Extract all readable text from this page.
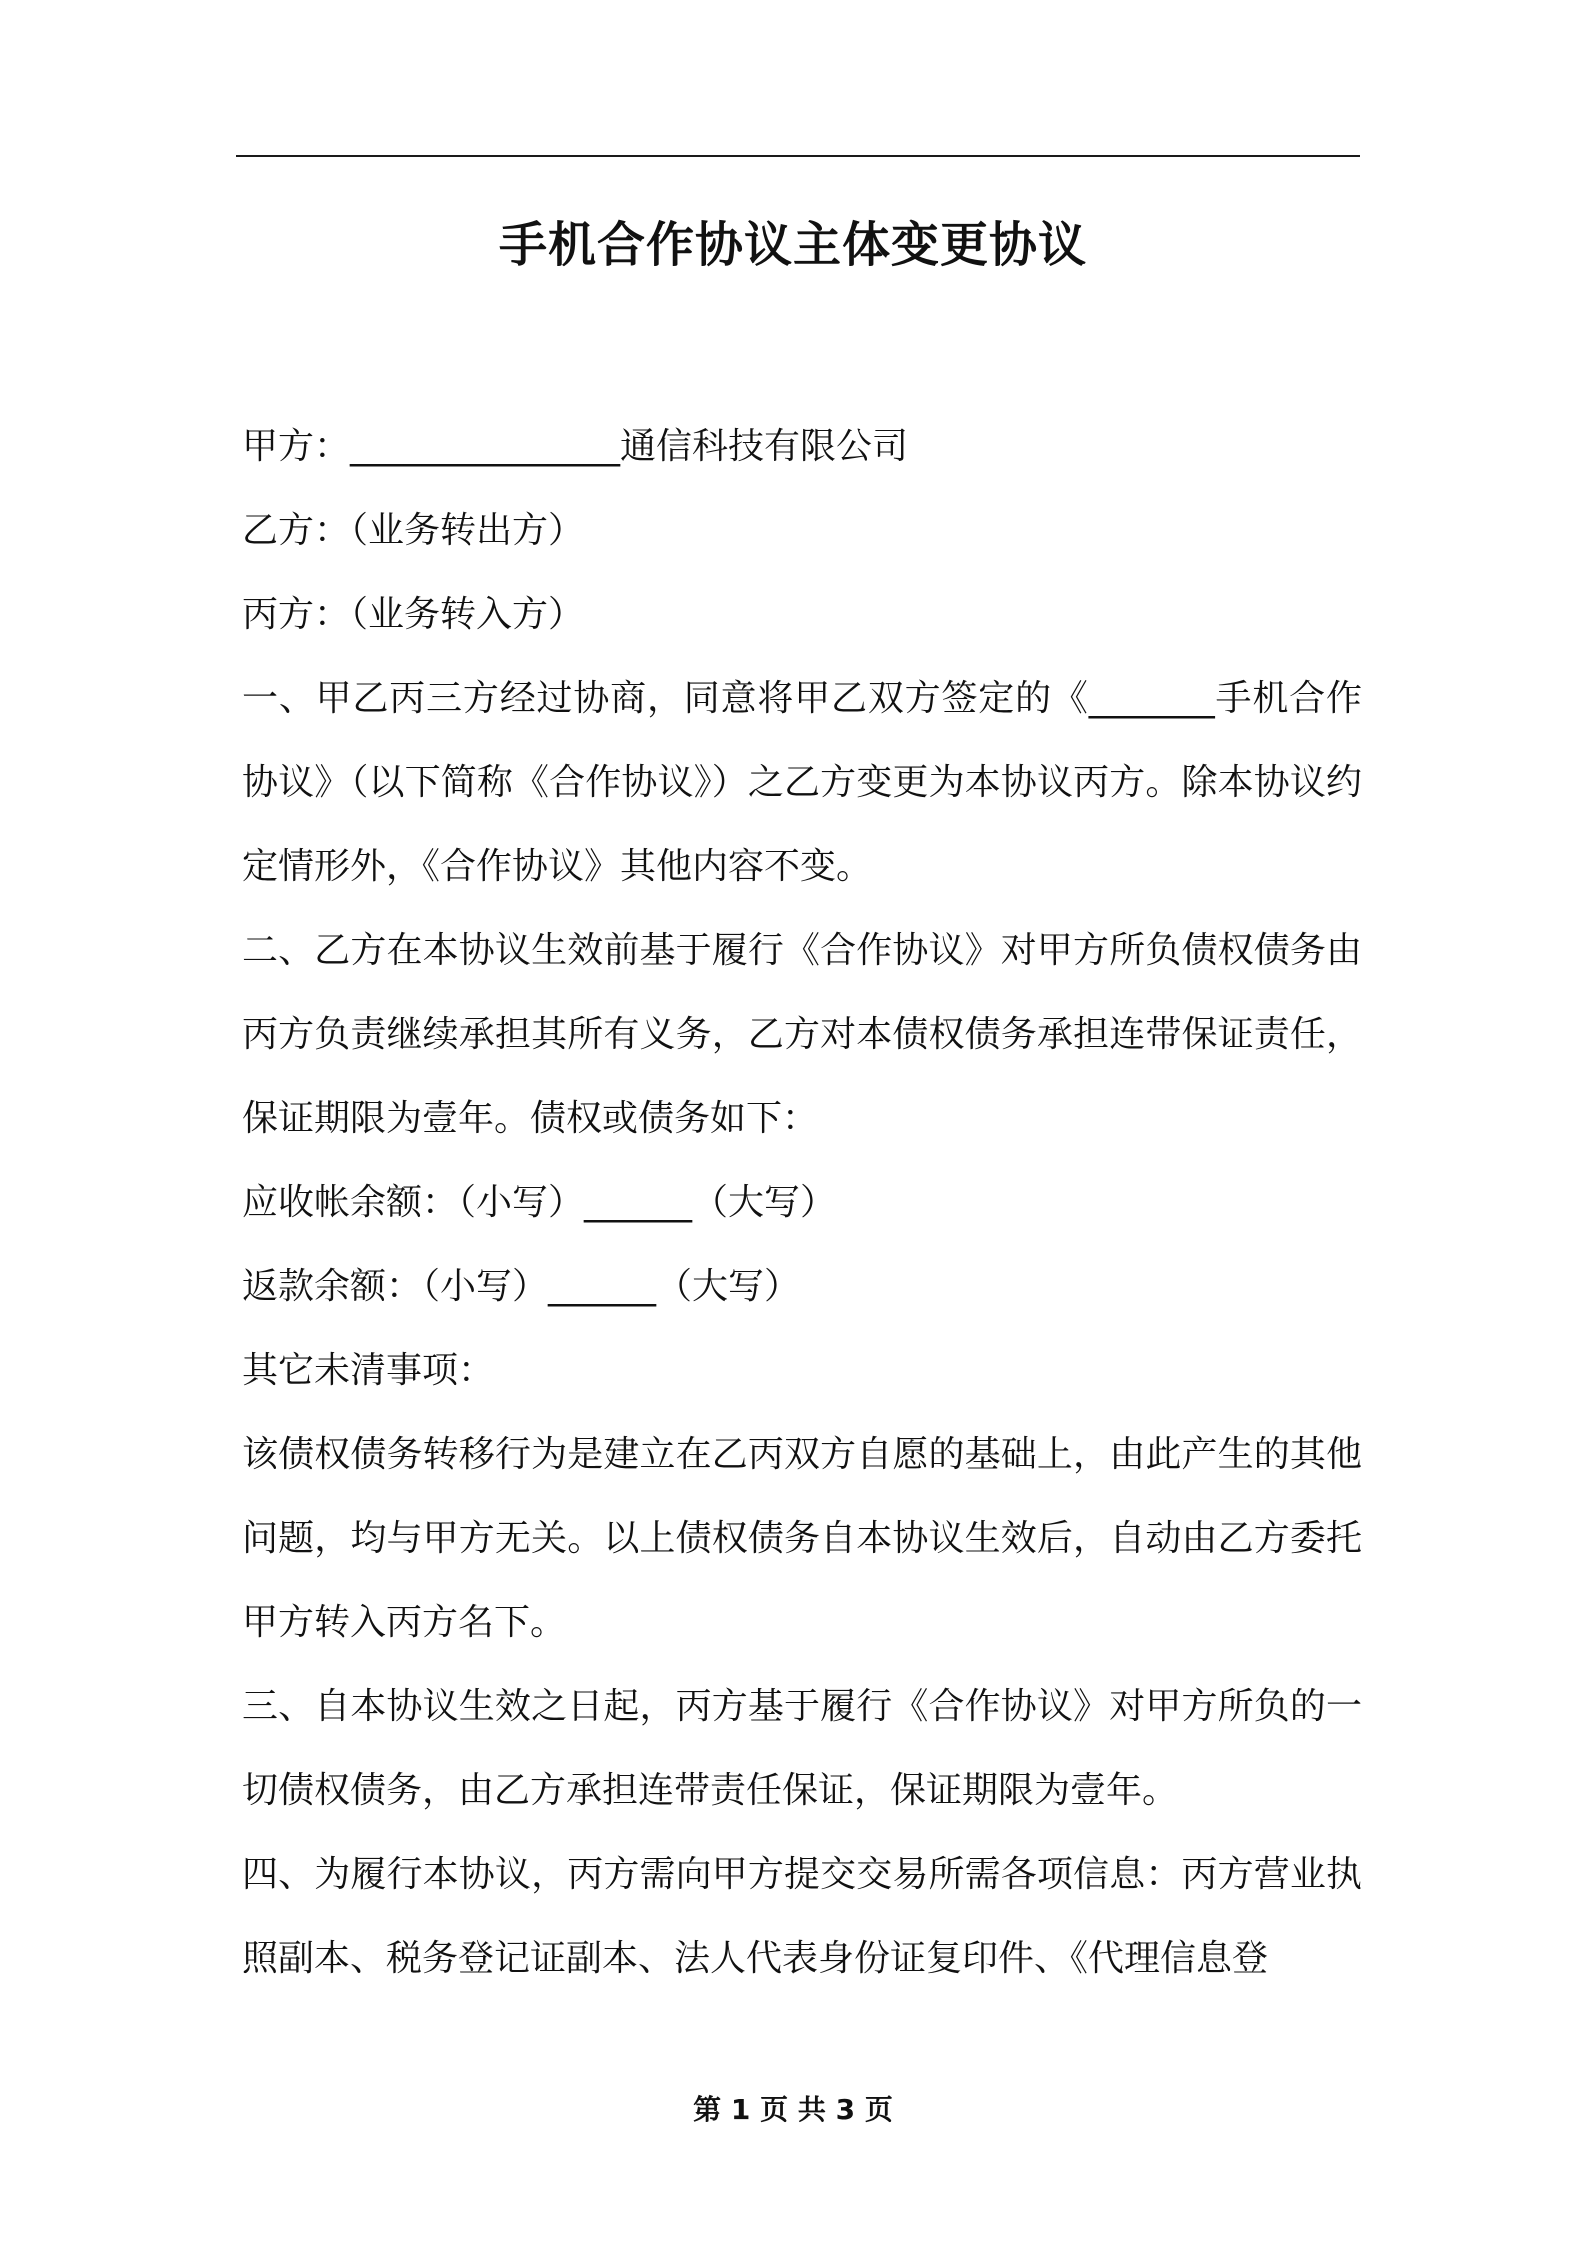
手机合作协议主体变更协议

甲方：_______________通信科技有限公司

乙方：（业务转出方）

丙方：（业务转入方）

一、甲乙丙三方经过协商，同意将甲乙双方签定的《_______手机合作协议》（以下简称《合作协议》）之乙方变更为本协议丙方。除本协议约定情形外，《合作协议》其他内容不变。

二、乙方在本协议生效前基于履行《合作协议》对甲方所负债权债务由丙方负责继续承担其所有义务，乙方对本债权债务承担连带保证责任，保证期限为壹年。债权或债务如下：

应收帐余额：（小写）______（大写）

返款余额：（小写）______（大写）

其它未清事项：

该债权债务转移行为是建立在乙丙双方自愿的基础上，由此产生的其他问题，均与甲方无关。以上债权债务自本协议生效后，自动由乙方委托甲方转入丙方名下。

三、自本协议生效之日起，丙方基于履行《合作协议》对甲方所负的一切债权债务，由乙方承担连带责任保证，保证期限为壹年。

四、为履行本协议，丙方需向甲方提交交易所需各项信息：丙方营业执照副本、税务登记证副本、法人代表身份证复印件、《代理信息登

第 1 页 共 3 页
